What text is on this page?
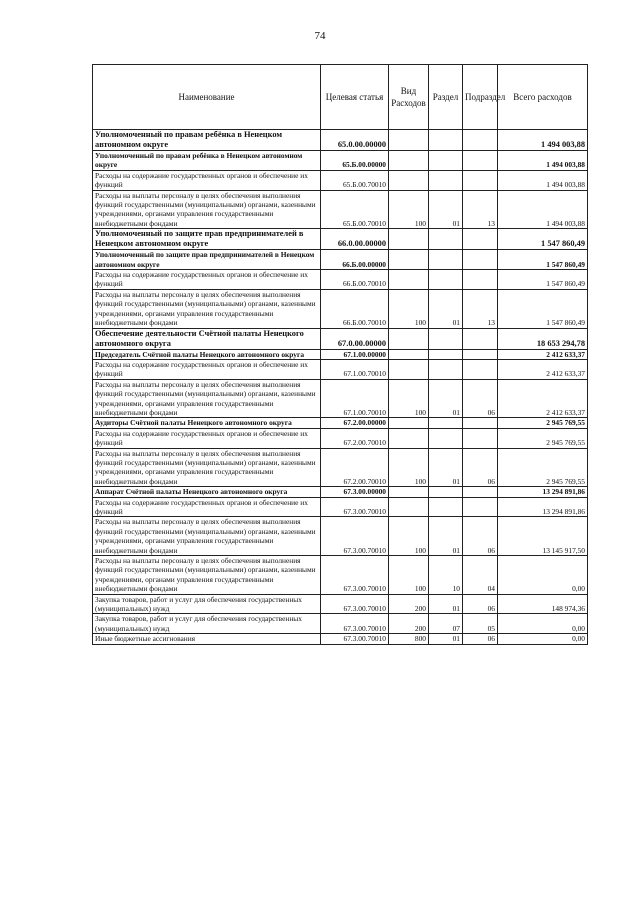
74
Наименование	Целевая статья	Вид Расходов	Раздел	Подраздел	Всего расходов
Уполномоченный по правам ребёнка в Ненецком автономном округе	65.0.00.00000				1 494 003,88
Уполномоченный по правам ребёнка в Ненецком автономном округе	65.Б.00.00000				1 494 003,88
Расходы на содержание государственных органов и обеспечение их функций	65.Б.00.70010				1 494 003,88
Расходы на выплаты персоналу в целях обеспечения выполнения функций государственными (муниципальными) органами, казенными учреждениями, органами управления государственными внебюджетными фондами	65.Б.00.70010	100	01	13	1 494 003,88
Уполномоченный по защите прав предпринимателей в Ненецком автономном округе	66.0.00.00000				1 547 860,49
Уполномоченный по защите прав предпринимателей в Ненецком автономном округе	66.Б.00.00000				1 547 860,49
Расходы на содержание государственных органов и обеспечение их функций	66.Б.00.70010				1 547 860,49
Расходы на выплаты персоналу в целях обеспечения выполнения функций государственными (муниципальными) органами, казенными учреждениями, органами управления государственными внебюджетными фондами	66.Б.00.70010	100	01	13	1 547 860,49
Обеспечение деятельности Счётной палаты Ненецкого автономного округа	67.0.00.00000				18 653 294,78
Председатель Счётной палаты Ненецкого автономного округа	67.1.00.00000				2 412 633,37
Расходы на содержание государственных органов и обеспечение их функций	67.1.00.70010				2 412 633,37
Расходы на выплаты персоналу в целях обеспечения выполнения функций государственными (муниципальными) органами, казенными учреждениями, органами управления государственными внебюджетными фондами	67.1.00.70010	100	01	06	2 412 633,37
Аудиторы Счётной палаты Ненецкого автономного округа	67.2.00.00000				2 945 769,55
Расходы на содержание государственных органов и обеспечение их функций	67.2.00.70010				2 945 769,55
Расходы на выплаты персоналу в целях обеспечения выполнения функций государственными (муниципальными) органами, казенными учреждениями, органами управления государственными внебюджетными фондами	67.2.00.70010	100	01	06	2 945 769,55
Аппарат Счётной палаты Ненецкого автономного округа	67.3.00.00000				13 294 891,86
Расходы на содержание государственных органов и обеспечение их функций	67.3.00.70010				13 294 891,86
Расходы на выплаты персоналу в целях обеспечения выполнения функций государственными (муниципальными) органами, казенными учреждениями, органами управления государственными внебюджетными фондами	67.3.00.70010	100	01	06	13 145 917,50
Расходы на выплаты персоналу в целях обеспечения выполнения функций государственными (муниципальными) органами, казенными учреждениями, органами управления государственными внебюджетными фондами	67.3.00.70010	100	10	04	0,00
Закупка товаров, работ и услуг для обеспечения государственных (муниципальных) нужд	67.3.00.70010	200	01	06	148 974,36
Закупка товаров, работ и услуг для обеспечения государственных (муниципальных) нужд	67.3.00.70010	200	07	05	0,00
Иные бюджетные ассигнования	67.3.00.70010	800	01	06	0,00
